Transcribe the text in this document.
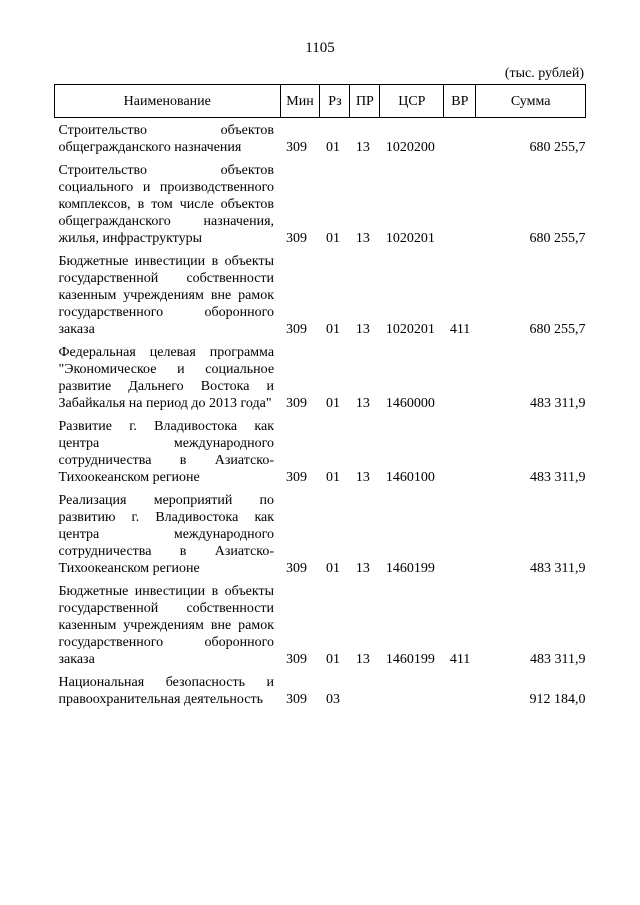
1105
(тыс. рублей)
Наименование	Мин	Рз	ПР	ЦСР	ВР	Сумма

Строительство объектов общегражданского назначения	309	01	13	1020200		680 255,7

Строительство объектов социального и производственного комплексов, в том числе объектов общегражданского назначения, жилья, инфраструктуры	309	01	13	1020201		680 255,7

Бюджетные инвестиции в объекты государственной собственности казенным учреждениям вне рамок государственного оборонного заказа	309	01	13	1020201	411	680 255,7

Федеральная целевая программа "Экономическое и социальное развитие Дальнего Востока и Забайкалья на период до 2013 года"	309	01	13	1460000		483 311,9

Развитие г. Владивостока как центра международного сотрудничества в Азиатско-Тихоокеанском регионе	309	01	13	1460100		483 311,9

Реализация мероприятий по развитию г. Владивостока как центра международного сотрудничества в Азиатско-Тихоокеанском регионе	309	01	13	1460199		483 311,9

Бюджетные инвестиции в объекты государственной собственности казенным учреждениям вне рамок государственного оборонного заказа	309	01	13	1460199	411	483 311,9

Национальная безопасность и правоохранительная деятельность	309	03				912 184,0
